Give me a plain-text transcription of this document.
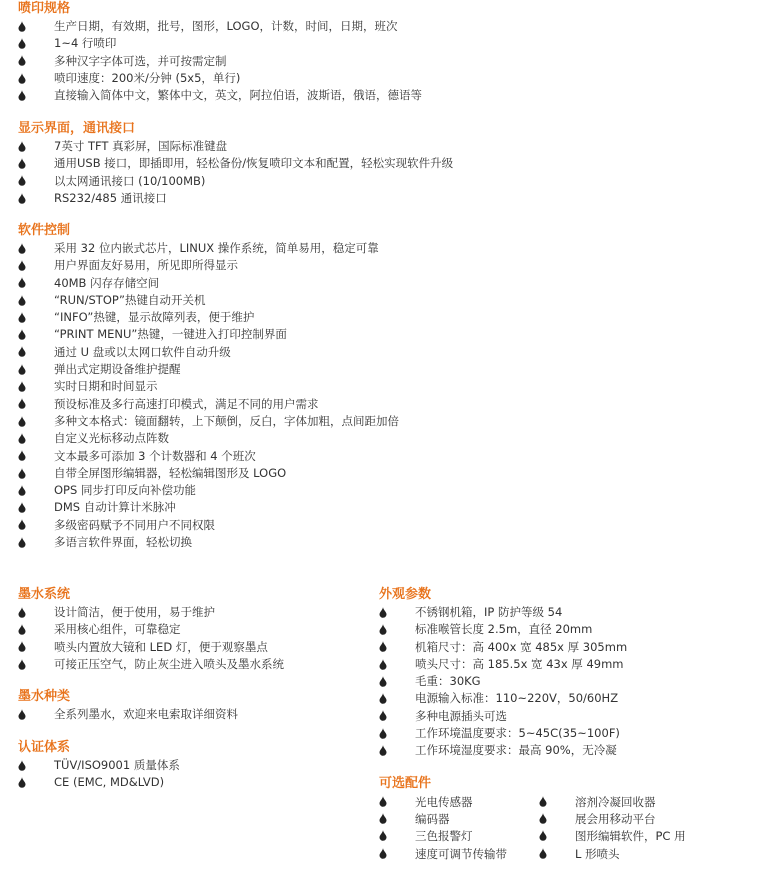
喷印规格
生产日期，有效期，批号，图形，LOGO，计数，时间，日期，班次
1~4 行喷印
多种汉字字体可选，并可按需定制
喷印速度：200米/分钟 (5x5，单行)
直接输入简体中文，繁体中文，英文，阿拉伯语，波斯语，俄语，德语等
显示界面，通讯接口
7英寸 TFT 真彩屏，国际标准键盘
通用USB 接口，即插即用，轻松备份/恢复喷印文本和配置，轻松实现软件升级
以太网通讯接口 (10/100MB)
RS232/485 通讯接口
软件控制
采用 32 位内嵌式芯片，LINUX 操作系统，简单易用，稳定可靠
用户界面友好易用，所见即所得显示
40MB 闪存存储空间
“RUN/STOP”热键自动开关机
“INFO”热键，显示故障列表，便于维护
“PRINT MENU”热键，一键进入打印控制界面
通过 U 盘或以太网口软件自动升级
弹出式定期设备维护提醒
实时日期和时间显示
预设标准及多行高速打印模式，满足不同的用户需求
多种文本格式：镜面翻转，上下颠倒，反白，字体加粗，点间距加倍
自定义光标移动点阵数
文本最多可添加 3 个计数器和 4 个班次
自带全屏图形编辑器，轻松编辑图形及 LOGO
OPS 同步打印反向补偿功能
DMS 自动计算计米脉冲
多级密码赋予不同用户不同权限
多语言软件界面，轻松切换
墨水系统
设计简洁，便于使用，易于维护
采用核心组件，可靠稳定
喷头内置放大镜和 LED 灯，便于观察墨点
可接正压空气，防止灰尘进入喷头及墨水系统
墨水种类
全系列墨水，欢迎来电索取详细资料
认证体系
TÜV/ISO9001 质量体系
CE (EMC, MD&LVD)
外观参数
不锈钢机箱，IP 防护等级 54
标准喉管长度 2.5m，直径 20mm
机箱尺寸：高 400x 宽 485x 厚 305mm
喷头尺寸：高 185.5x 宽 43x 厚 49mm
毛重：30KG
电源输入标准：110~220V，50/60HZ
多种电源插头可选
工作环境温度要求：5~45C(35~100F)
工作环境湿度要求：最高 90%，无冷凝
可选配件
光电传感器	溶剂冷凝回收器
编码器	展会用移动平台
三色报警灯	图形编辑软件，PC 用
速度可调节传输带	L 形喷头
